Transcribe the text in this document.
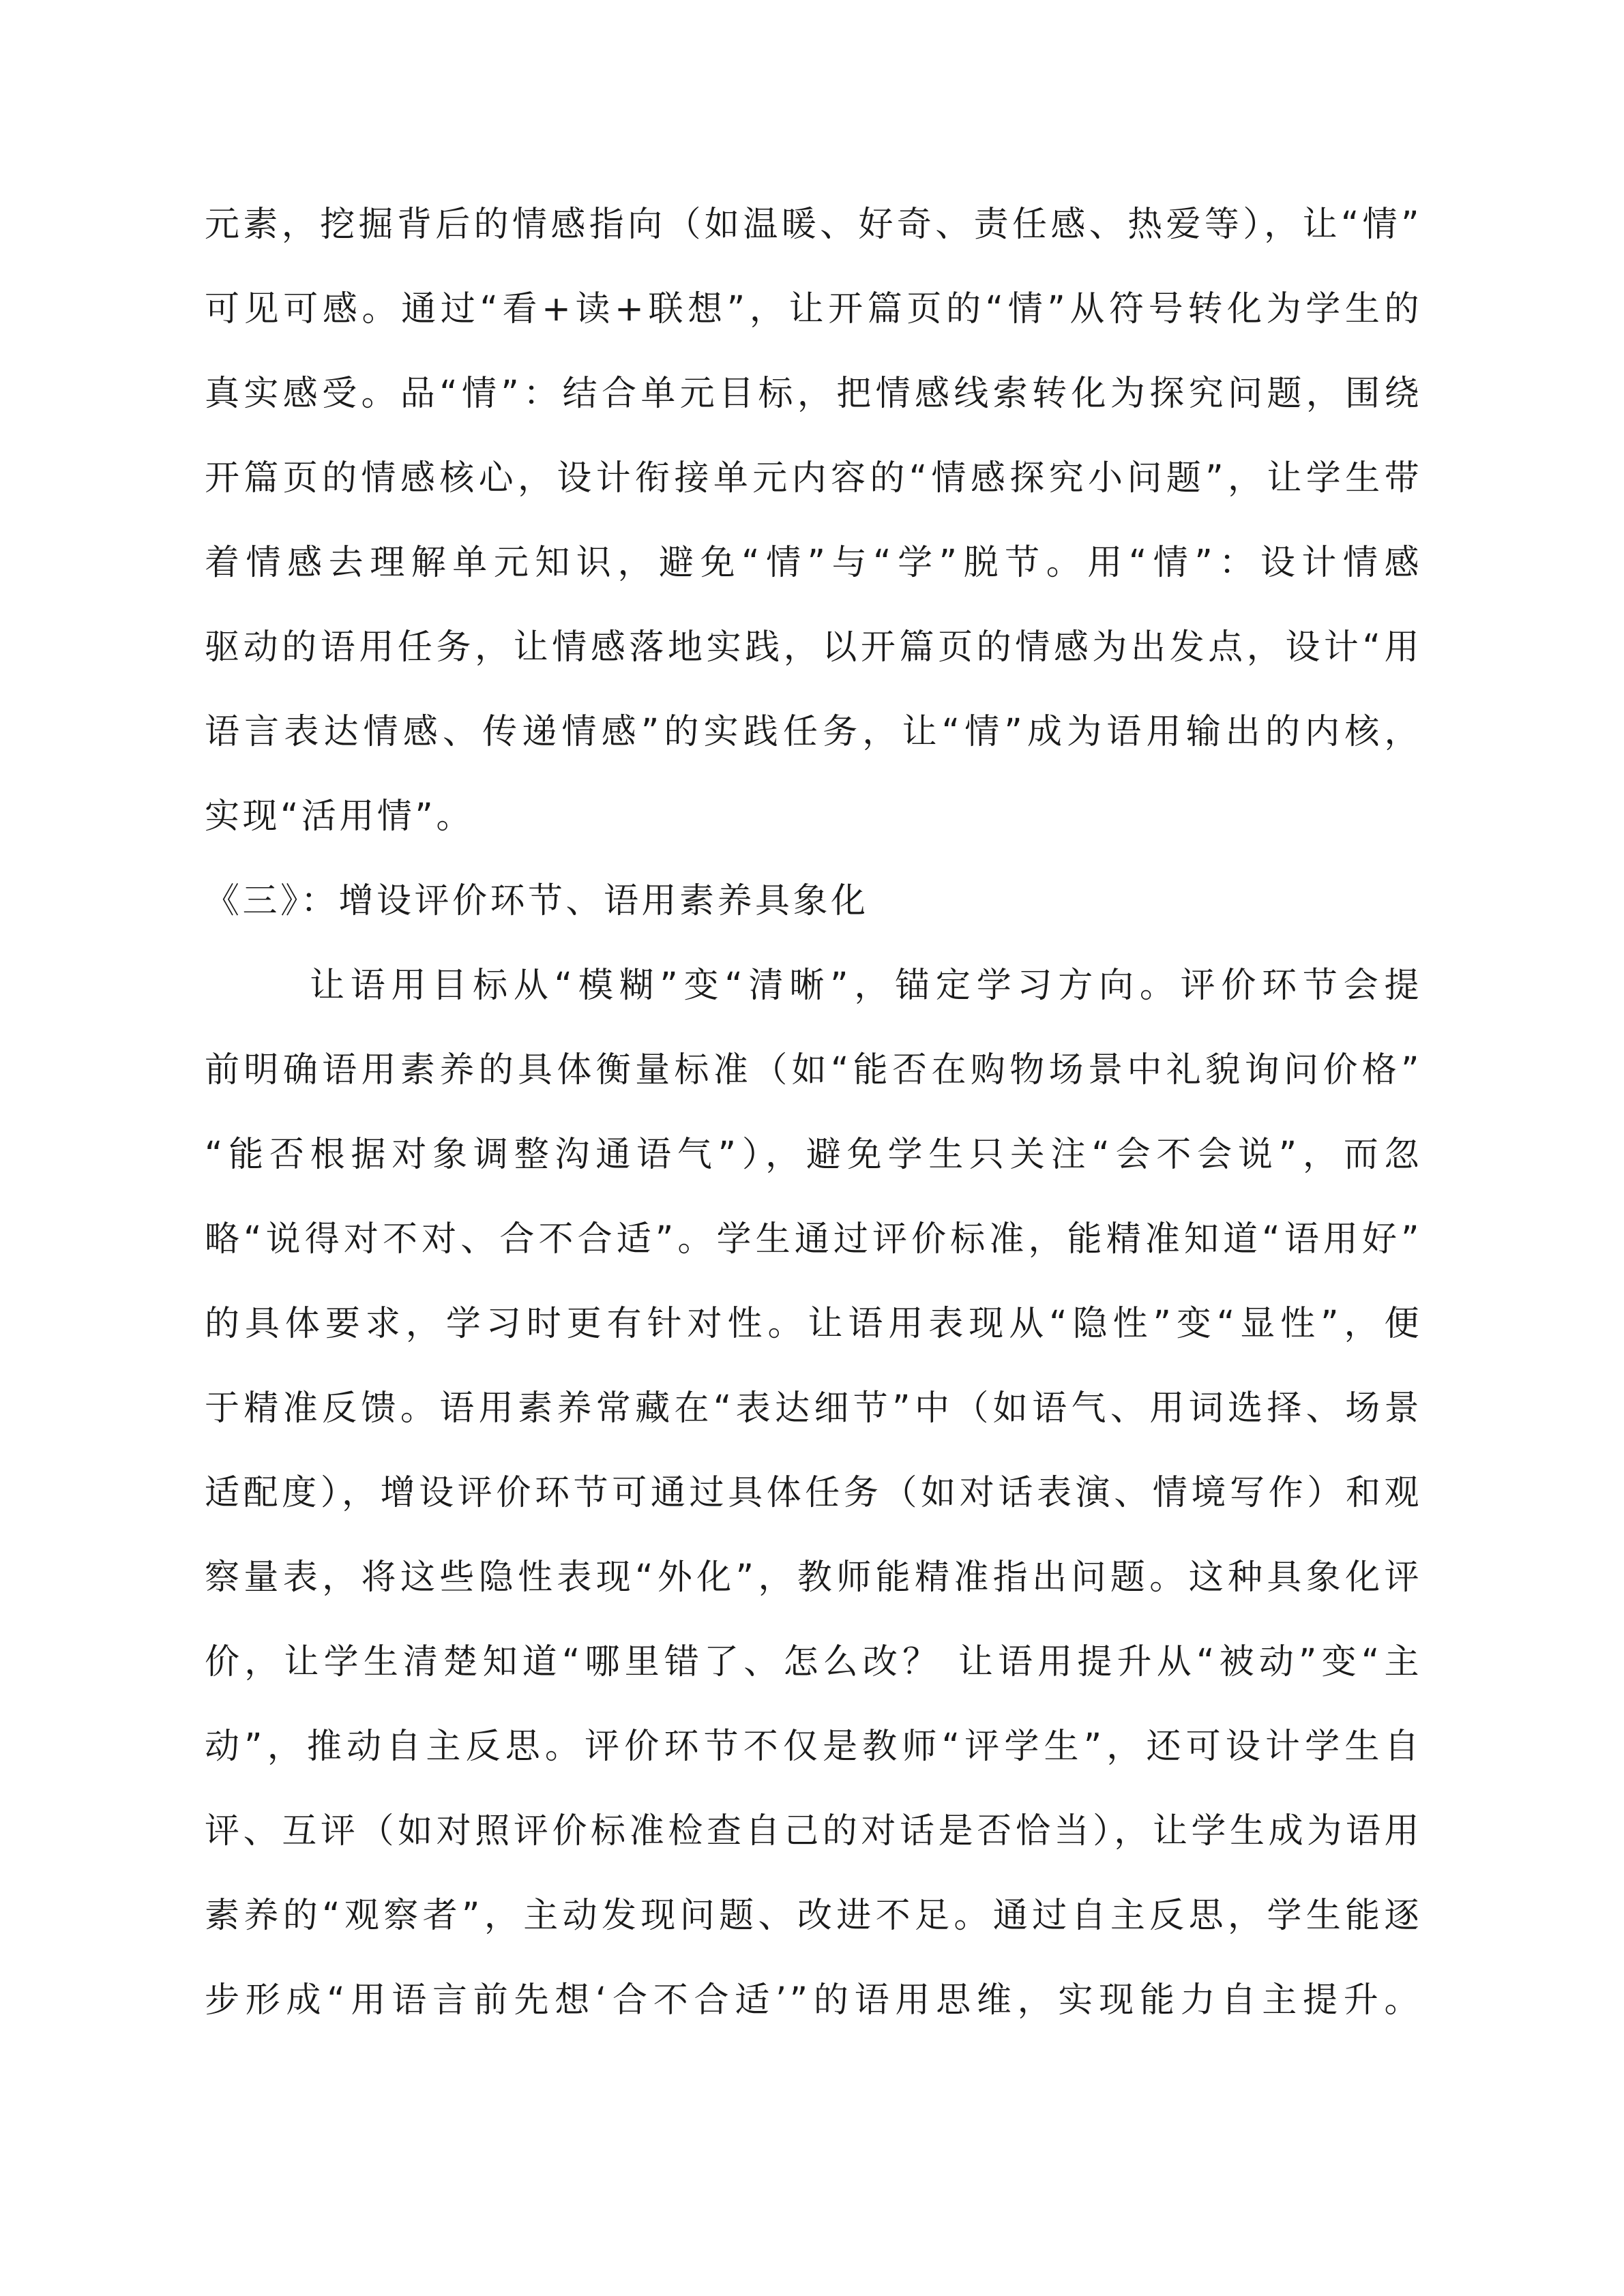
元素，挖掘背后的情感指向（如温暖、好奇、责任感、热爱等），让“情”
可见可感。通过“看+读+联想”，让开篇页的“情”从符号转化为学生的
真实感受。品“情”：结合单元目标，把情感线索转化为探究问题，围绕
开篇页的情感核心，设计衔接单元内容的“情感探究小问题”，让学生带
着情感去理解单元知识，避免“情”与“学”脱节。用“情”：设计情感
驱动的语用任务，让情感落地实践，以开篇页的情感为出发点，设计“用
语言表达情感、传递情感”的实践任务，让“情”成为语用输出的内核，
实现“活用情”。
《三》：增设评价环节、语用素养具象化
让语用目标从“模糊”变“清晰”，锚定学习方向。评价环节会提
前明确语用素养的具体衡量标准（如“能否在购物场景中礼貌询问价格”
“能否根据对象调整沟通语气”），避免学生只关注“会不会说”，而忽
略“说得对不对、合不合适”。学生通过评价标准，能精准知道“语用好”
的具体要求，学习时更有针对性。让语用表现从“隐性”变“显性”，便
于精准反馈。语用素养常藏在“表达细节”中（如语气、用词选择、场景
适配度），增设评价环节可通过具体任务（如对话表演、情境写作）和观
察量表，将这些隐性表现“外化”，教师能精准指出问题。这种具象化评
价，让学生清楚知道“哪里错了、怎么改？ 让语用提升从“被动”变“主
动”，推动自主反思。评价环节不仅是教师“评学生”，还可设计学生自
评、互评（如对照评价标准检查自己的对话是否恰当），让学生成为语用
素养的“观察者”，主动发现问题、改进不足。通过自主反思，学生能逐
步形成“用语言前先想‘合不合适’”的语用思维，实现能力自主提升。
